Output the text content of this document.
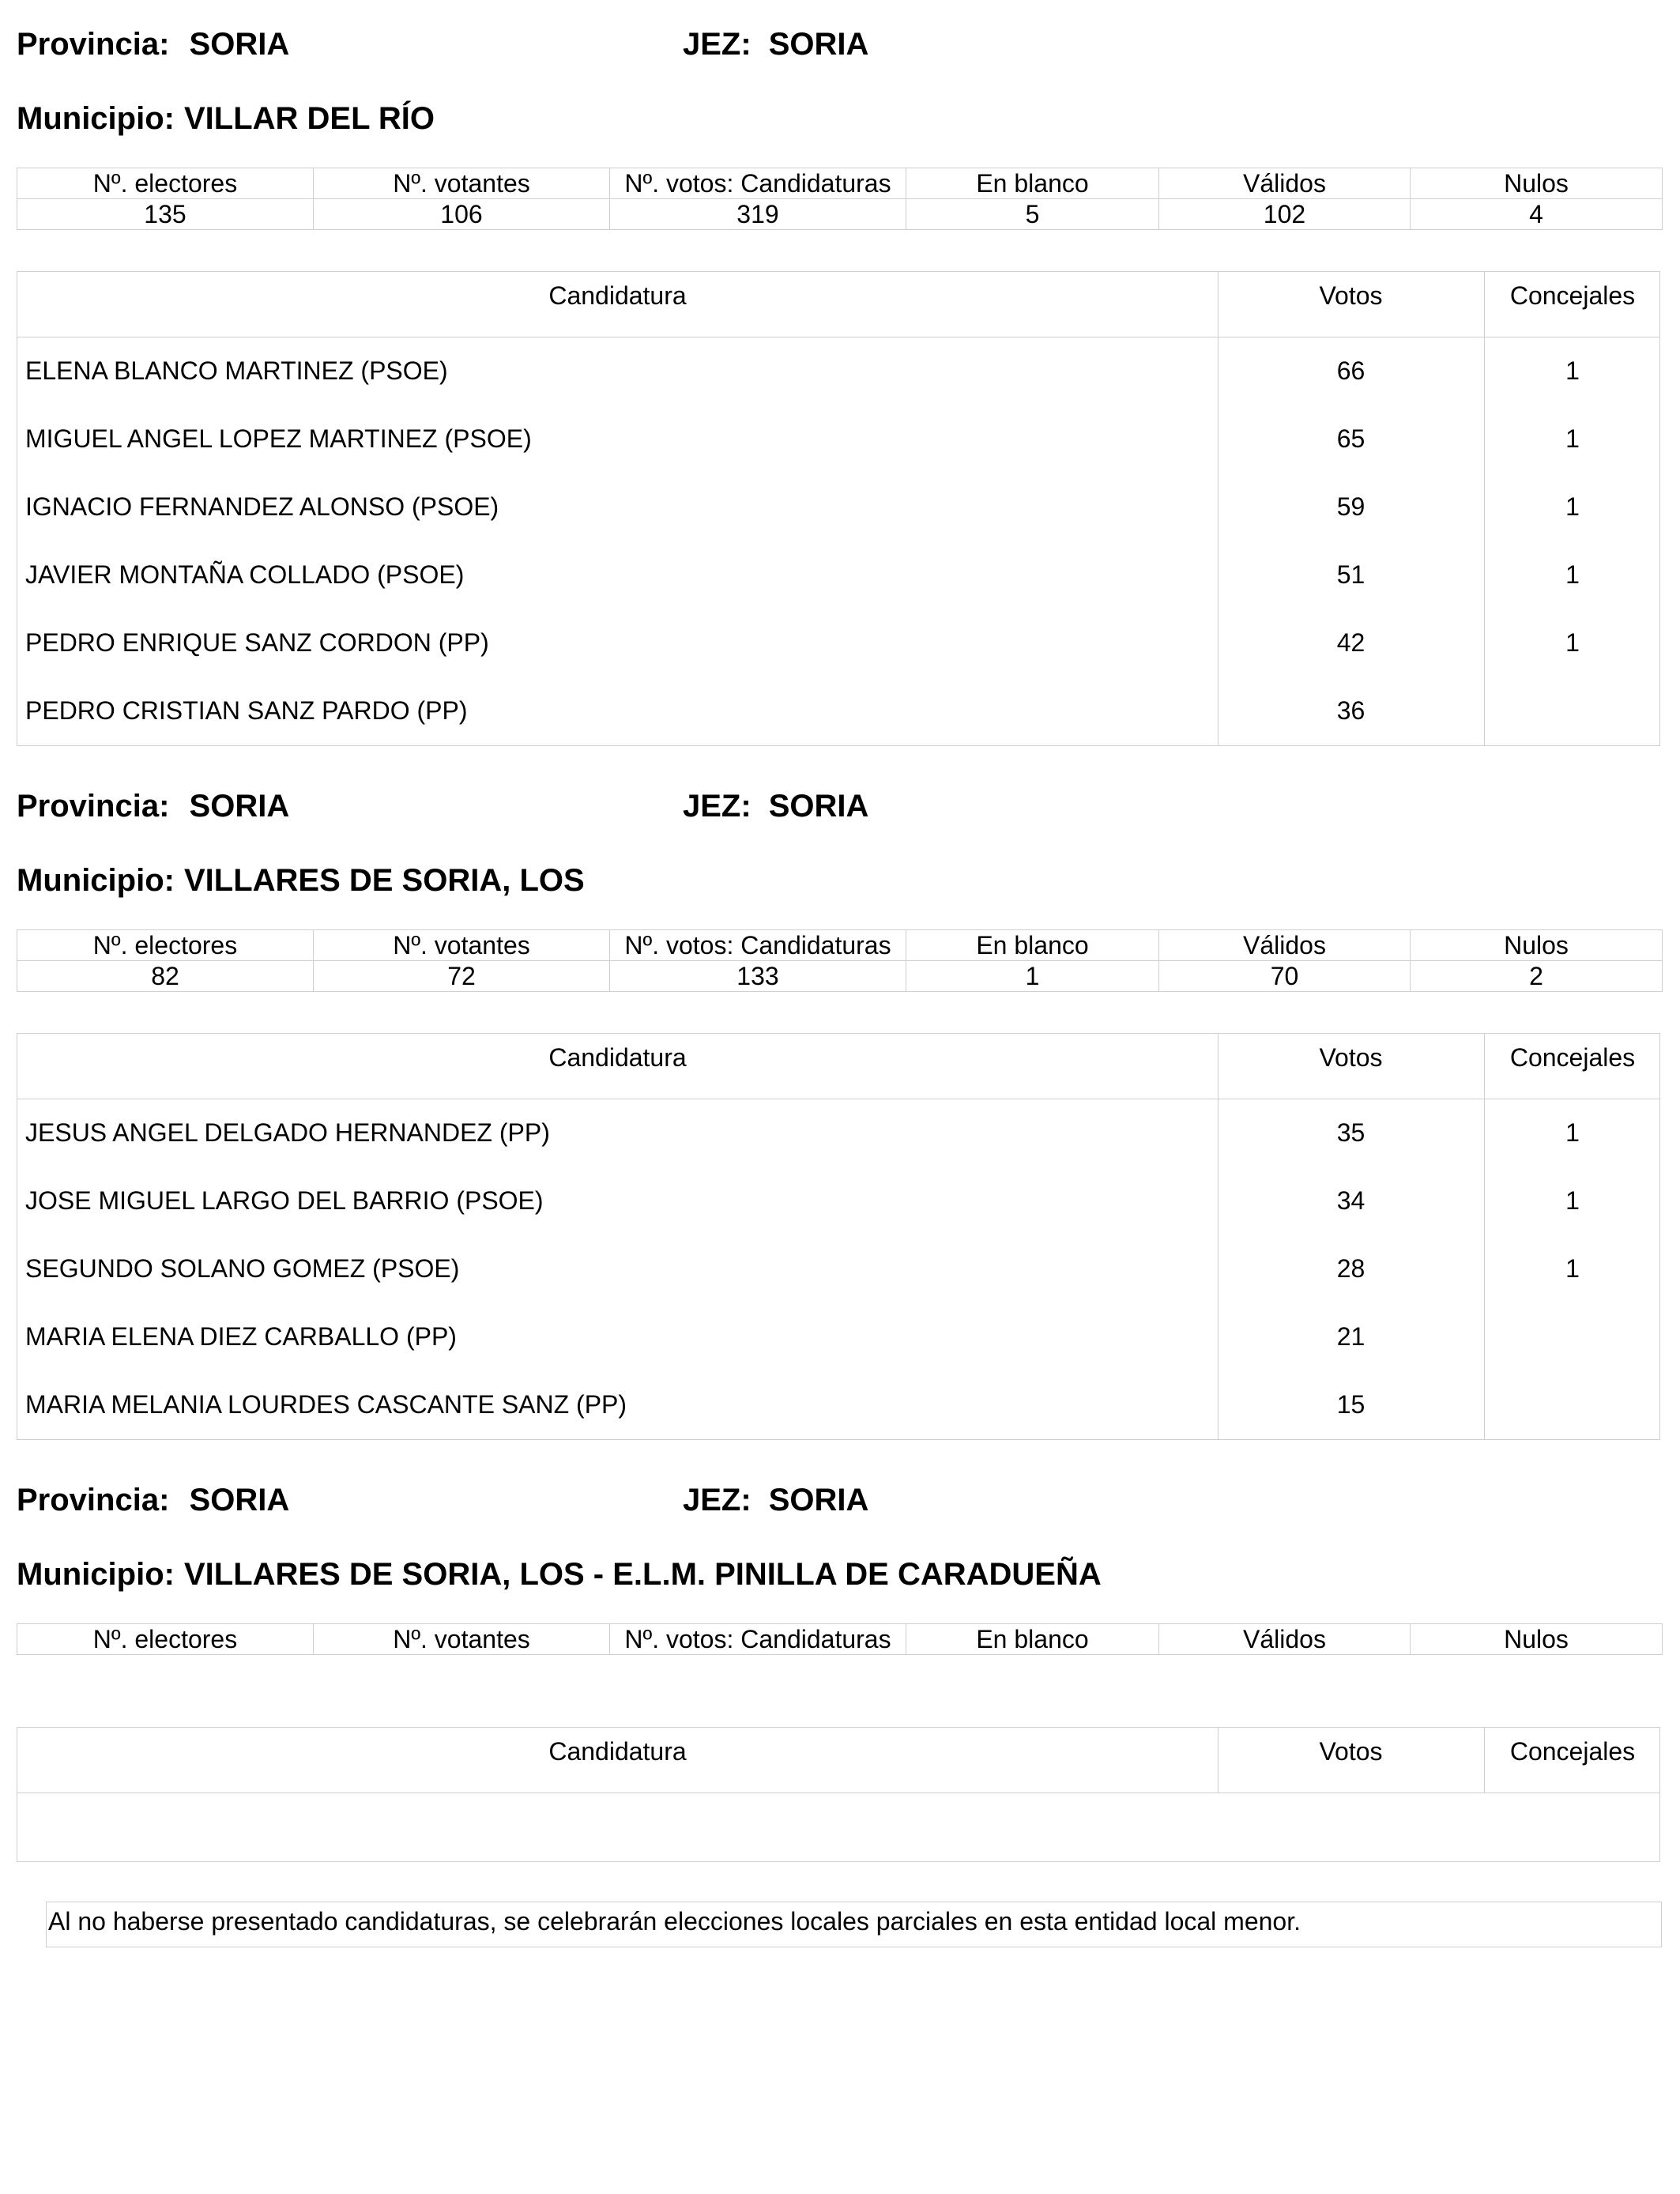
Provincia: SORIA	JEZ: SORIA
Municipio: VILLAR DEL RÍO
Nº. electores	Nº. votantes	Nº. votos: Candidaturas	En blanco	Válidos	Nulos
135	106	319	5	102	4
Candidatura	Votos	Concejales
ELENA BLANCO MARTINEZ (PSOE)	66	1
MIGUEL ANGEL LOPEZ MARTINEZ (PSOE)	65	1
IGNACIO FERNANDEZ ALONSO (PSOE)	59	1
JAVIER MONTAÑA COLLADO (PSOE)	51	1
PEDRO ENRIQUE SANZ CORDON (PP)	42	1
PEDRO CRISTIAN SANZ PARDO (PP)	36
Provincia: SORIA	JEZ: SORIA
Municipio: VILLARES DE SORIA, LOS
Nº. electores	Nº. votantes	Nº. votos: Candidaturas	En blanco	Válidos	Nulos
82	72	133	1	70	2
Candidatura	Votos	Concejales
JESUS ANGEL DELGADO HERNANDEZ (PP)	35	1
JOSE MIGUEL LARGO DEL BARRIO (PSOE)	34	1
SEGUNDO SOLANO GOMEZ (PSOE)	28	1
MARIA ELENA DIEZ CARBALLO (PP)	21
MARIA MELANIA LOURDES CASCANTE SANZ (PP)	15
Provincia: SORIA	JEZ: SORIA
Municipio: VILLARES DE SORIA, LOS - E.L.M. PINILLA DE CARADUEÑA
Nº. electores	Nº. votantes	Nº. votos: Candidaturas	En blanco	Válidos	Nulos
Candidatura	Votos	Concejales
Al no haberse presentado candidaturas, se celebrarán elecciones locales parciales en esta entidad local menor.
